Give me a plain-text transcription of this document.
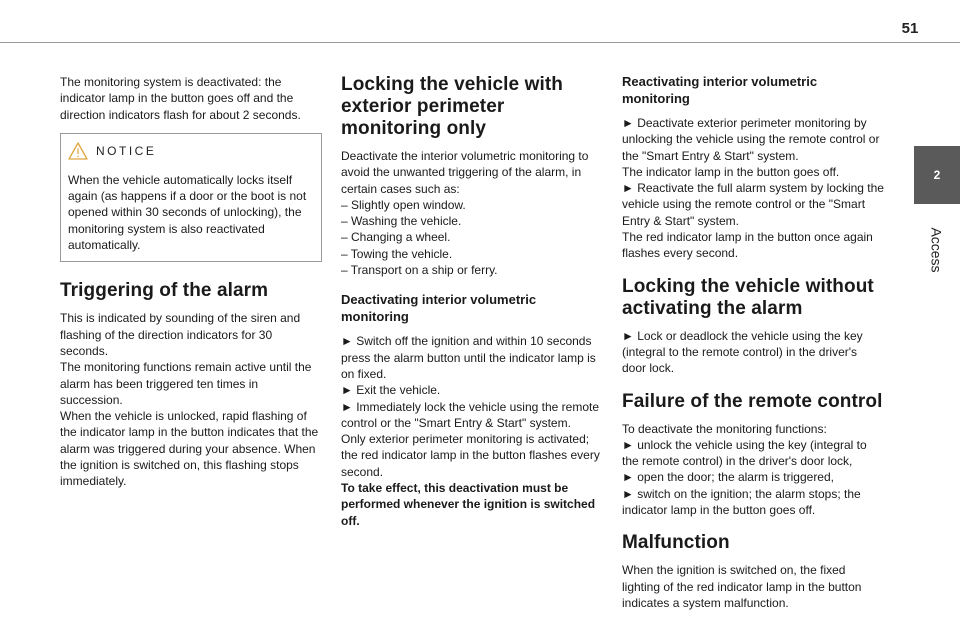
51
2
Access

The monitoring system is deactivated: the indicator lamp in the button goes off and the direction indicators flash for about 2 seconds.

NOTICE

When the vehicle automatically locks itself again (as happens if a door or the boot is not opened within 30 seconds of unlocking), the monitoring system is also reactivated automatically.

Triggering of the alarm

This is indicated by sounding of the siren and flashing of the direction indicators for 30 seconds.

The monitoring functions remain active until the alarm has been triggered ten times in succession.

When the vehicle is unlocked, rapid flashing of the indicator lamp in the button indicates that the alarm was triggered during your absence. When the ignition is switched on, this flashing stops immediately.

Locking the vehicle with exterior perimeter monitoring only

Deactivate the interior volumetric monitoring to avoid the unwanted triggering of the alarm, in certain cases such as:

– Slightly open window.

– Washing the vehicle.

– Changing a wheel.

– Towing the vehicle.

– Transport on a ship or ferry.

Deactivating interior volumetric monitoring

► Switch off the ignition and within 10 seconds press the alarm button until the indicator lamp is on fixed.

► Exit the vehicle.

► Immediately lock the vehicle using the remote control or the "Smart Entry & Start" system.

Only exterior perimeter monitoring is activated; the red indicator lamp in the button flashes every second.

To take effect, this deactivation must be performed whenever the ignition is switched off.

Reactivating interior volumetric monitoring

► Deactivate exterior perimeter monitoring by unlocking the vehicle using the remote control or the "Smart Entry & Start" system.

The indicator lamp in the button goes off.

► Reactivate the full alarm system by locking the vehicle using the remote control or the "Smart Entry & Start" system.

The red indicator lamp in the button once again flashes every second.

Locking the vehicle without activating the alarm

► Lock or deadlock the vehicle using the key (integral to the remote control) in the driver's door lock.

Failure of the remote control

To deactivate the monitoring functions:

► unlock the vehicle using the key (integral to the remote control) in the driver's door lock,

► open the door; the alarm is triggered,

► switch on the ignition; the alarm stops; the indicator lamp in the button goes off.

Malfunction

When the ignition is switched on, the fixed lighting of the red indicator lamp in the button indicates a system malfunction.
